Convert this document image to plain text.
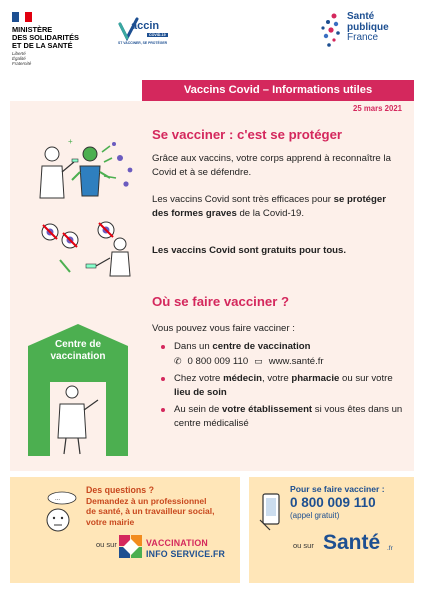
MINISTÈRE
DES SOLIDARITÉS
ET DE LA SANTÉ
Liberté
Égalité
Fraternité
accin
COVID-19
ST VACCINER, SE PROTÉGER
Santé
publique
France
Vaccins Covid – Informations utiles
25 mars 2021
Se vacciner : c'est se protéger
Grâce aux vaccins, votre corps apprend à reconnaître la Covid et à se défendre.
Les vaccins Covid sont très efficaces pour se protéger des formes graves de la Covid-19.
Les vaccins Covid sont gratuits pour tous.
+
Où se faire vacciner ?
Vous pouvez vous faire vacciner :
Dans un centre de vaccination
✆ 0 800 009 110 ▭ www.santé.fr
Chez votre médecin, votre pharmacie ou sur votre lieu de soin
Au sein de votre établissement si vous êtes dans un centre médicalisé
Centre de vaccination
...
Des questions ?
Demandez à un professionnel
de santé, à un travailleur social,
votre mairie
ou sur	VACCINATION
INFO SERVICE.FR
Pour se faire vacciner :
0 800 009 110
(appel gratuit)
ou sur Santé .fr
